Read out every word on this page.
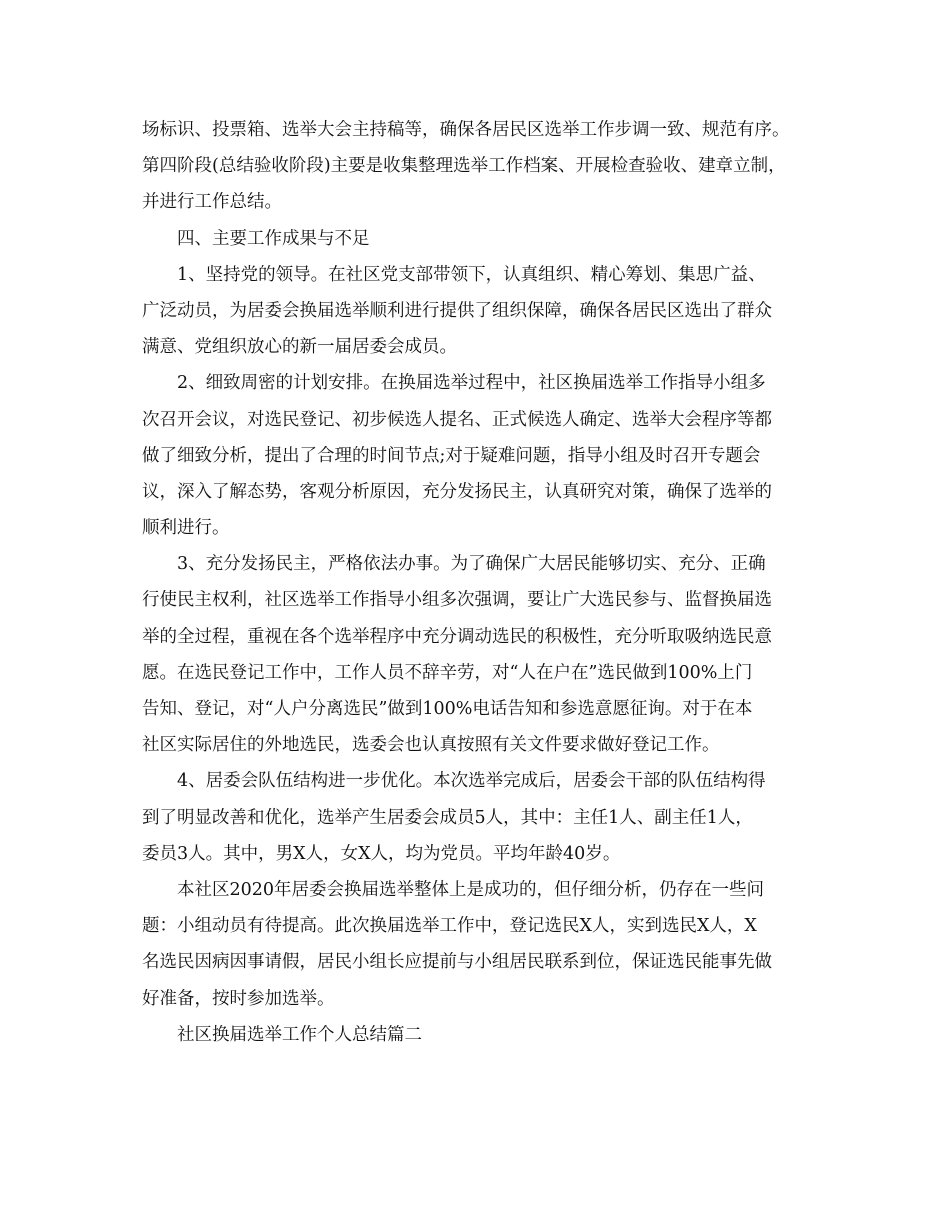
场标识、投票箱、选举大会主持稿等，确保各居民区选举工作步调一致、规范有序。
第四阶段(总结验收阶段)主要是收集整理选举工作档案、开展检查验收、建章立制，
并进行工作总结。
四、主要工作成果与不足
1、坚持党的领导。在社区党支部带领下，认真组织、精心筹划、集思广益、
广泛动员，为居委会换届选举顺利进行提供了组织保障，确保各居民区选出了群众
满意、党组织放心的新一届居委会成员。
2、细致周密的计划安排。在换届选举过程中，社区换届选举工作指导小组多
次召开会议，对选民登记、初步候选人提名、正式候选人确定、选举大会程序等都
做了细致分析，提出了合理的时间节点;对于疑难问题，指导小组及时召开专题会
议，深入了解态势，客观分析原因，充分发扬民主，认真研究对策，确保了选举的
顺利进行。
3、充分发扬民主，严格依法办事。为了确保广大居民能够切实、充分、正确
行使民主权利，社区选举工作指导小组多次强调，要让广大选民参与、监督换届选
举的全过程，重视在各个选举程序中充分调动选民的积极性，充分听取吸纳选民意
愿。在选民登记工作中，工作人员不辞辛劳，对“人在户在”选民做到100%上门
告知、登记，对“人户分离选民”做到100%电话告知和参选意愿征询。对于在本
社区实际居住的外地选民，选委会也认真按照有关文件要求做好登记工作。
4、居委会队伍结构进一步优化。本次选举完成后，居委会干部的队伍结构得
到了明显改善和优化，选举产生居委会成员5人，其中：主任1人、副主任1人，
委员3人。其中，男X人，女X人，均为党员。平均年龄40岁。
本社区2020年居委会换届选举整体上是成功的，但仔细分析，仍存在一些问
题：小组动员有待提高。此次换届选举工作中，登记选民X人，实到选民X人，X
名选民因病因事请假，居民小组长应提前与小组居民联系到位，保证选民能事先做
好准备，按时参加选举。
社区换届选举工作个人总结篇二
